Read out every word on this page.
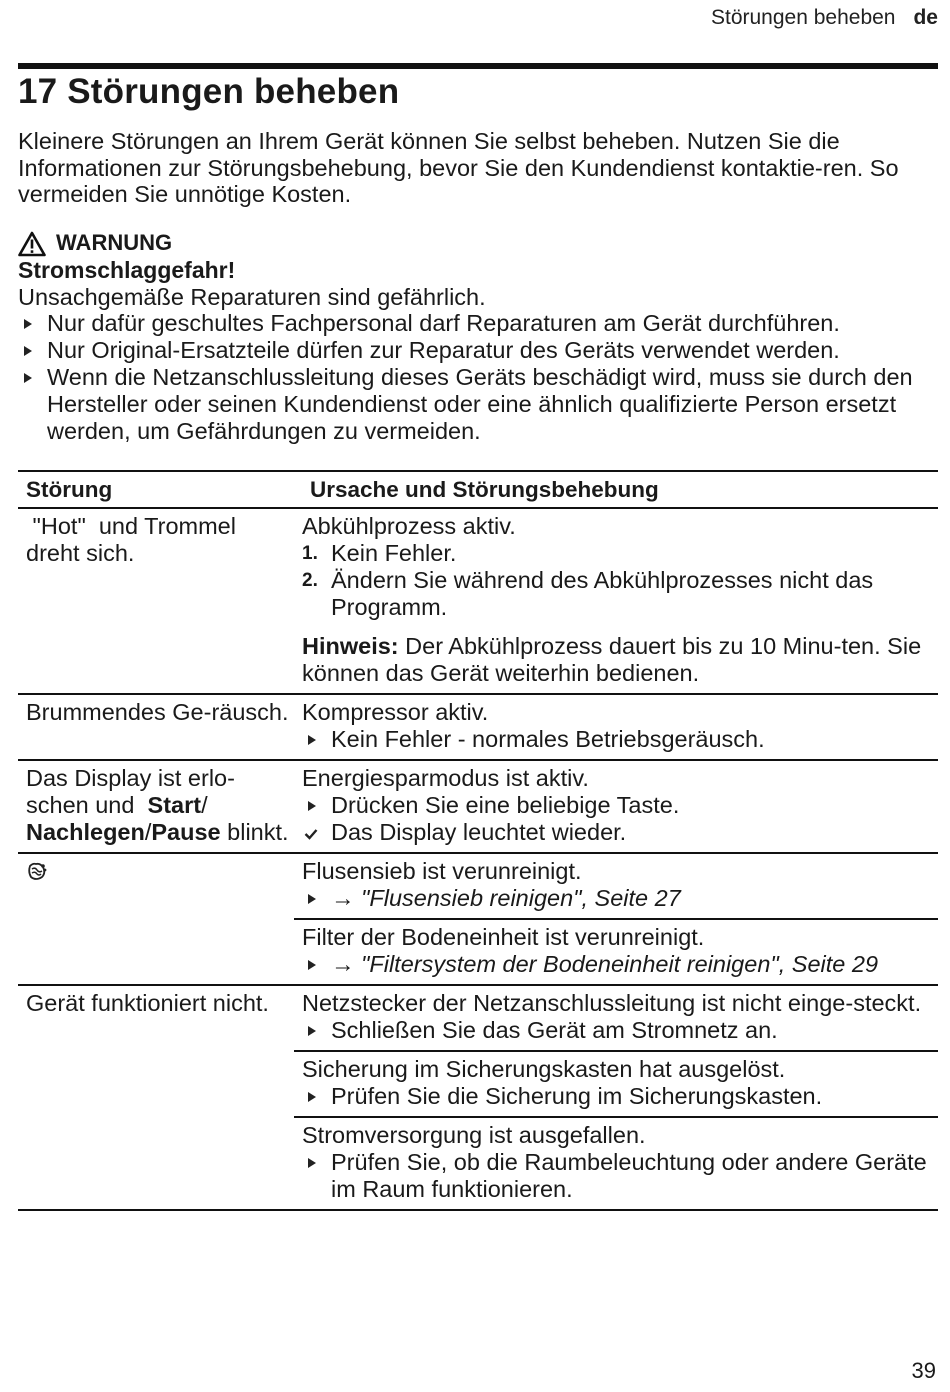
Störungen beheben de
17 Störungen beheben

Kleinere Störungen an Ihrem Gerät können Sie selbst beheben. Nutzen Sie die Informationen zur Störungsbehebung, bevor Sie den Kundendienst kontaktie-ren. So vermeiden Sie unnötige Kosten.

WARNUNG
Stromschlaggefahr!
Unsachgemäße Reparaturen sind gefährlich.
Nur dafür geschultes Fachpersonal darf Reparaturen am Gerät durchführen.
Nur Original-Ersatzteile dürfen zur Reparatur des Geräts verwendet werden.
Wenn die Netzanschlussleitung dieses Geräts beschädigt wird, muss sie durch den Hersteller oder seinen Kundendienst oder eine ähnlich qualifizierte Person ersetzt werden, um Gefährdungen zu vermeiden.
Störung	Ursache und Störungsbehebung
"Hot"  und Trommel dreht sich.
Abkühlprozess aktiv.
1. Kein Fehler.
2. Ändern Sie während des Abkühlprozesses nicht das Programm.
Hinweis: Der Abkühlprozess dauert bis zu 10 Minu-ten. Sie können das Gerät weiterhin bedienen.
Brummendes Ge-räusch. Kompressor aktiv.
Kein Fehler - normales Betriebsgeräusch.
Das Display ist erlo-schen und  Start/
Nachlegen/Pause blinkt.
Energiesparmodus ist aktiv.
Drücken Sie eine beliebige Taste.
Das Display leuchtet wieder.
Flusensieb ist verunreinigt.
→ "Flusensieb reinigen", Seite 27
Filter der Bodeneinheit ist verunreinigt.
→ "Filtersystem der Bodeneinheit reinigen", Seite 29
Gerät funktioniert nicht.	Netzstecker der Netzanschlussleitung ist nicht einge-steckt.
Schließen Sie das Gerät am Stromnetz an.
Sicherung im Sicherungskasten hat ausgelöst.
Prüfen Sie die Sicherung im Sicherungskasten.
Stromversorgung ist ausgefallen.
Prüfen Sie, ob die Raumbeleuchtung oder andere Geräte im Raum funktionieren.
39
